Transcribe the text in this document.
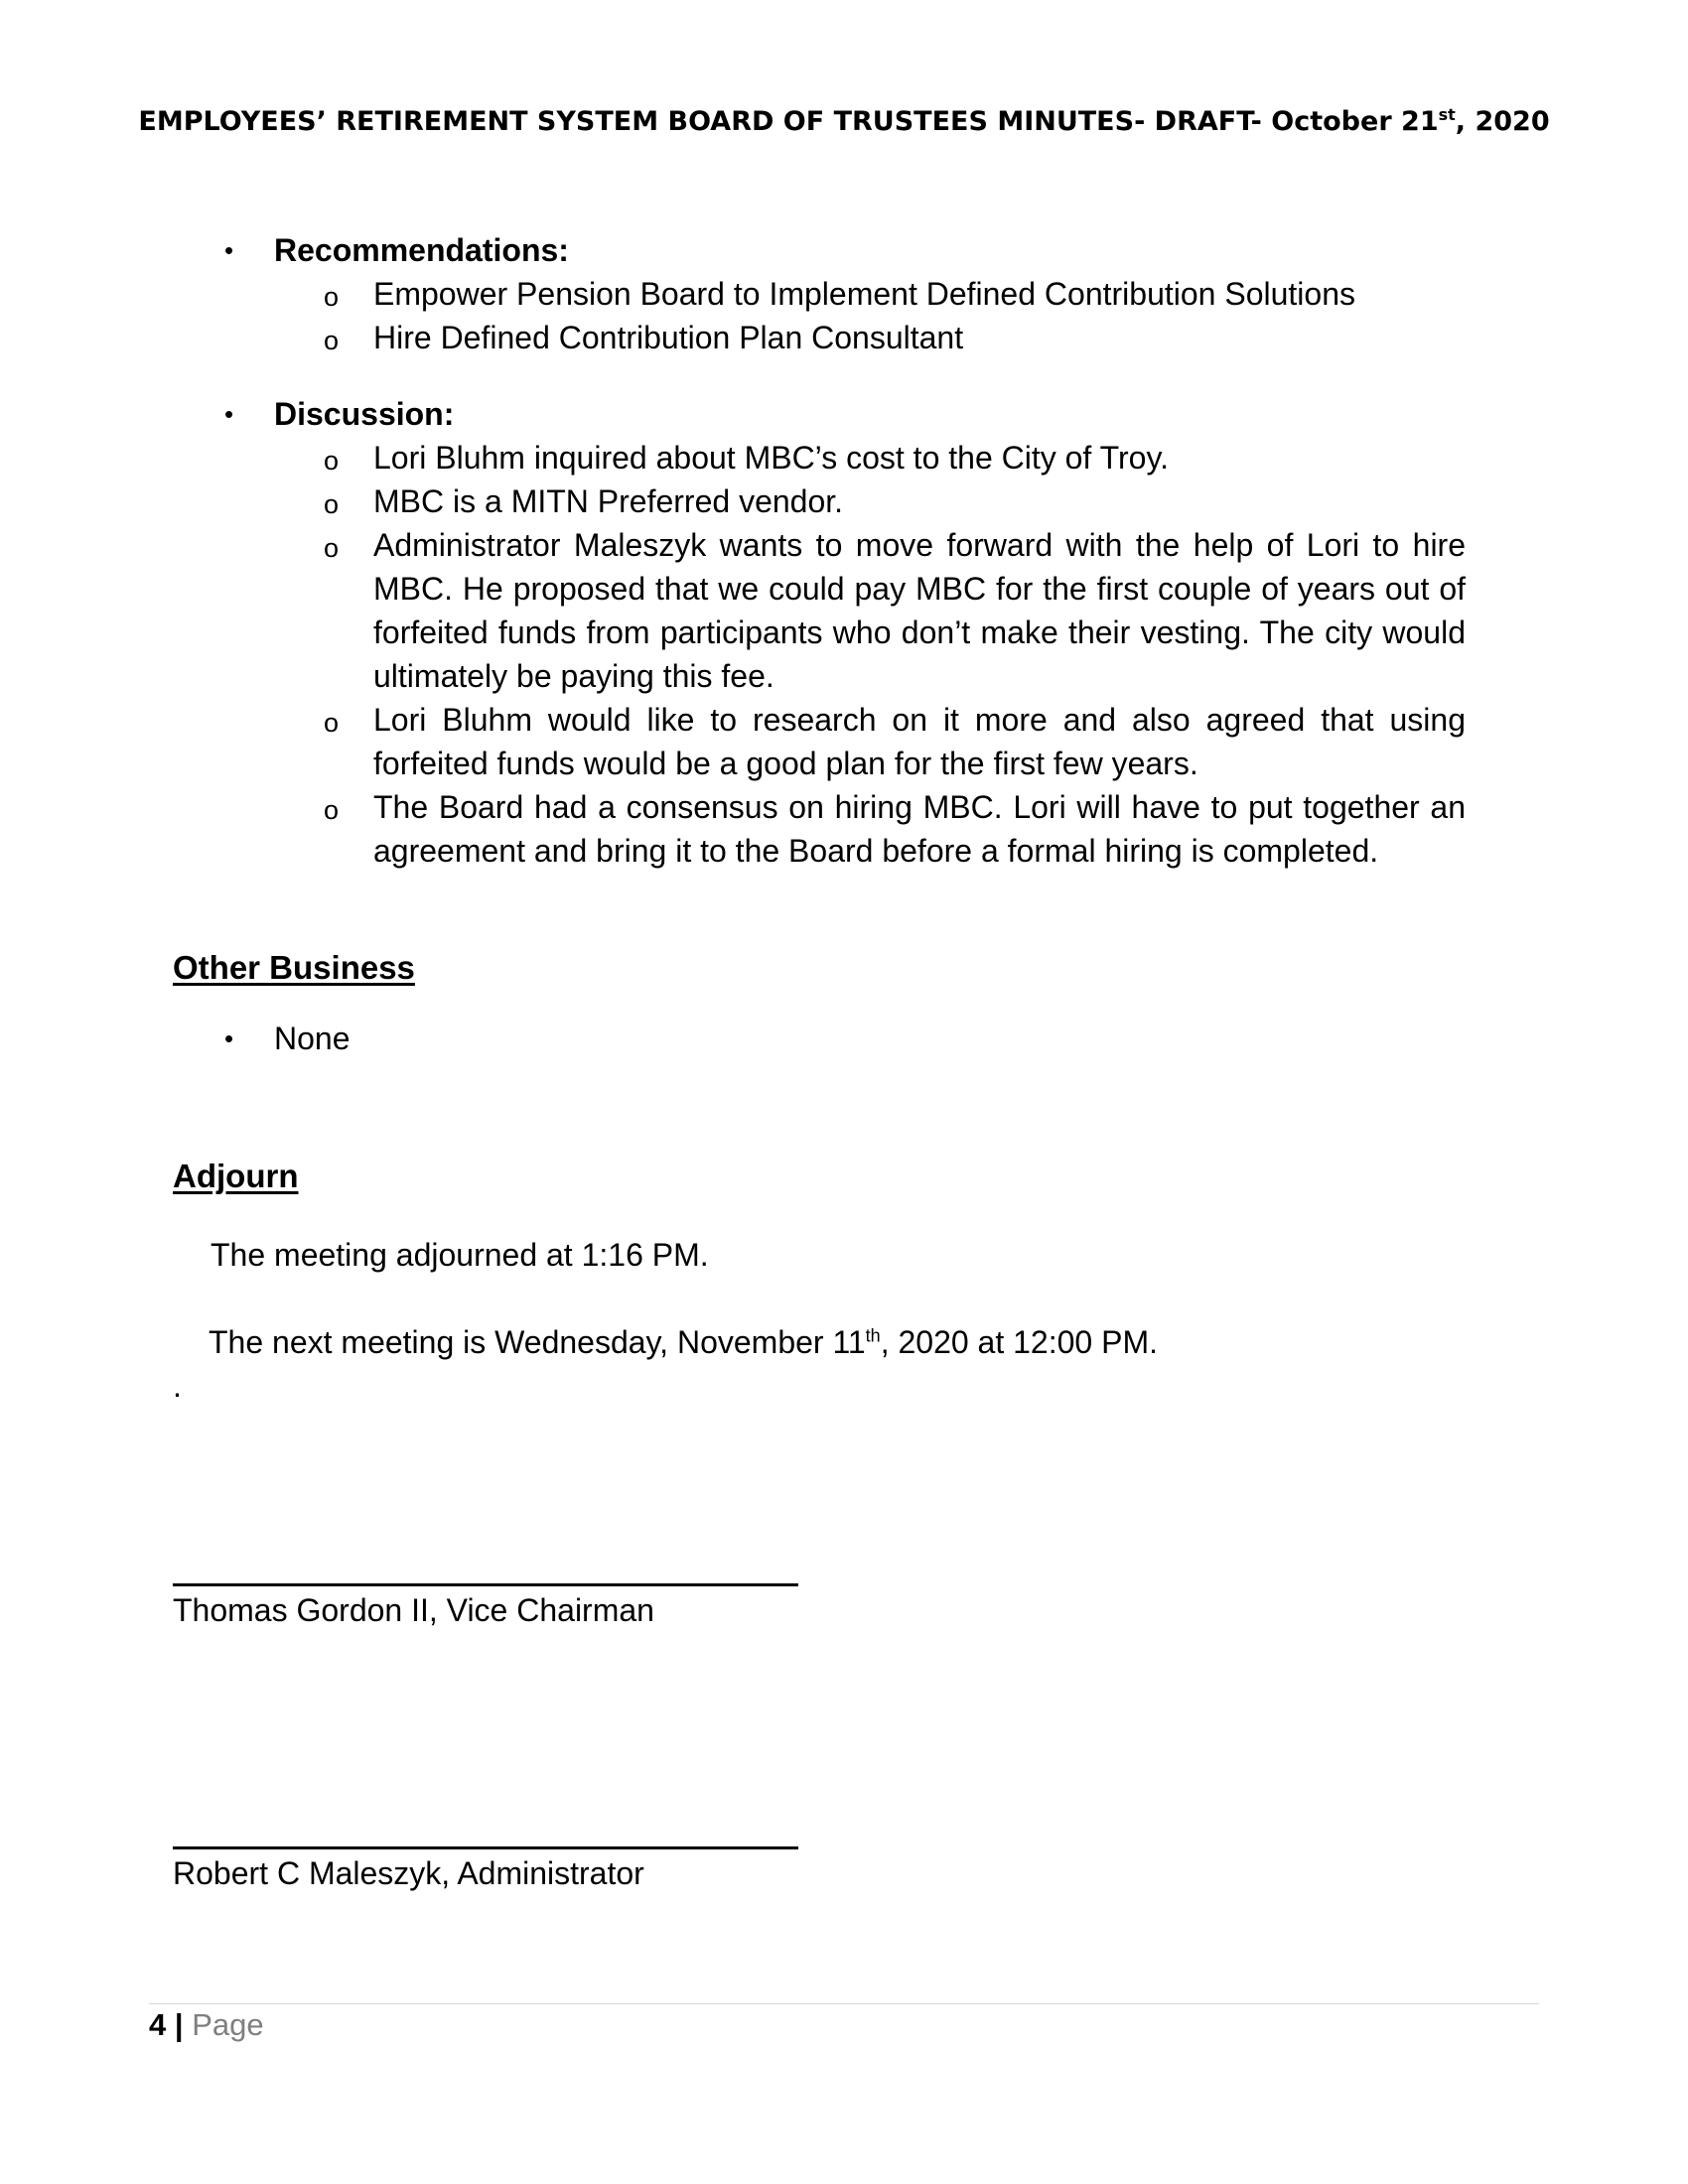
EMPLOYEES’ RETIREMENT SYSTEM BOARD OF TRUSTEES MINUTES- DRAFT- October 21st, 2020
• Recommendations:

o Empower Pension Board to Implement Defined Contribution Solutions

o Hire Defined Contribution Plan Consultant

• Discussion:

o Lori Bluhm inquired about MBC’s cost to the City of Troy.

o MBC is a MITN Preferred vendor.

o Administrator Maleszyk wants to move forward with the help of Lori to hire MBC. He proposed that we could pay MBC for the first couple of years out of forfeited funds from participants who don’t make their vesting. The city would ultimately be paying this fee.

o Lori Bluhm would like to research on it more and also agreed that using forfeited funds would be a good plan for the first few years.

o The Board had a consensus on hiring MBC. Lori will have to put together an agreement and bring it to the Board before a formal hiring is completed.

Other Business
• None
Adjourn
The meeting adjourned at 1:16 PM.
The next meeting is Wednesday, November 11th, 2020 at 12:00 PM.
.
Thomas Gordon II, Vice Chairman
Robert C Maleszyk, Administrator
4 | Page
